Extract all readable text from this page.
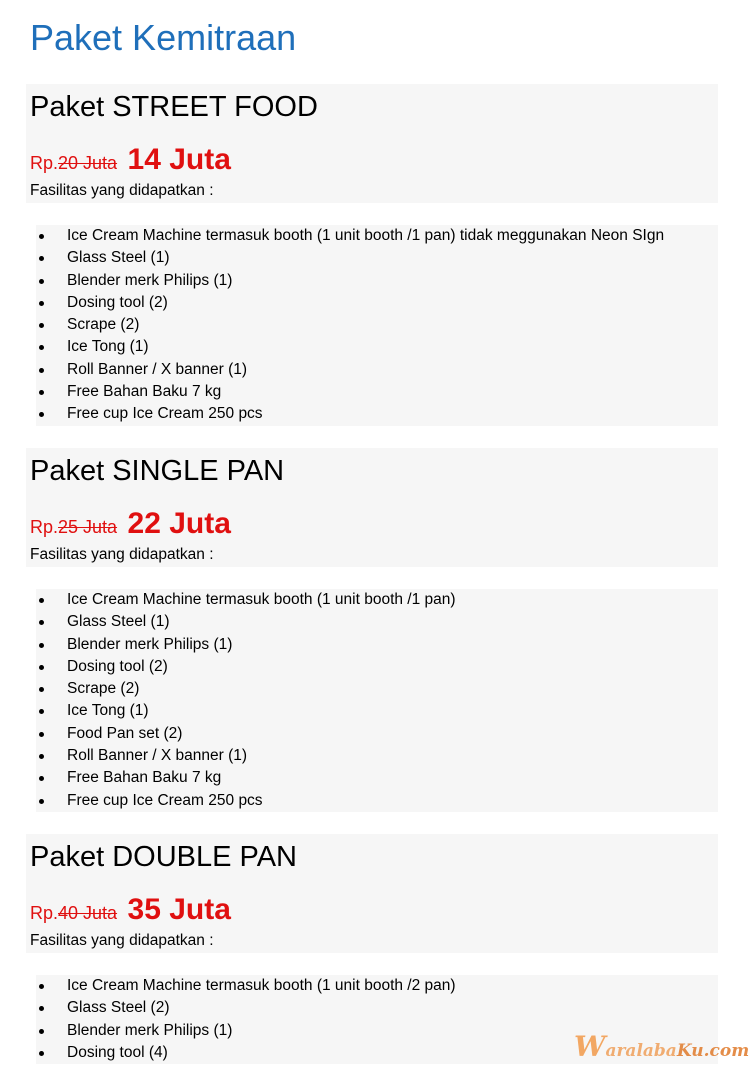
Paket Kemitraan
Paket STREET FOOD
Rp.20 Juta 14 Juta
Fasilitas yang didapatkan :
Ice Cream Machine termasuk booth (1 unit booth /1 pan) tidak meggunakan Neon SIgn
Glass Steel (1)
Blender merk Philips (1)
Dosing tool (2)
Scrape (2)
Ice Tong (1)
Roll Banner / X banner (1)
Free Bahan Baku 7 kg
Free cup Ice Cream 250 pcs
Paket SINGLE PAN
Rp.25 Juta 22 Juta
Fasilitas yang didapatkan :
Ice Cream Machine termasuk booth (1 unit booth /1 pan)
Glass Steel (1)
Blender merk Philips (1)
Dosing tool (2)
Scrape (2)
Ice Tong (1)
Food Pan set (2)
Roll Banner / X banner (1)
Free Bahan Baku 7 kg
Free cup Ice Cream 250 pcs
Paket DOUBLE PAN
Rp.40 Juta 35 Juta
Fasilitas yang didapatkan :
Ice Cream Machine termasuk booth (1 unit booth /2 pan)
Glass Steel (2)
Blender merk Philips (1)
Dosing tool (4)	WaralabaKu.com
